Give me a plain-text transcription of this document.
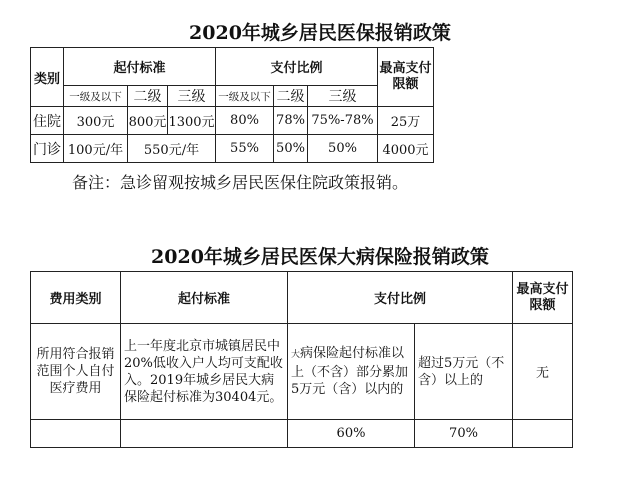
2020年城乡居民医保报销政策
类别	起付标准			支付比例			最高支付限额
	一级及以下	二级	三级	一级及以下	二级	三级	
住院	300元	800元	1300元	80%	78%	75%-78%	25万
门诊	100元/年	550元/年		55%	50%	50%	4000元
备注：急诊留观按城乡居民医保住院政策报销。
2020年城乡居民医保大病保险报销政策
费用类别	起付标准	支付比例		最高支付限额
所用符合报销范围个人自付医疗费用	上一年度北京市城镇居民中20%低收入户人均可支配收入。2019年城乡居民大病保险起付标准为30404元。	大病保险起付标准以上（不含）部分累加5万元（含）以内的	超过5万元（不含）以上的	无
		60%	70%	
